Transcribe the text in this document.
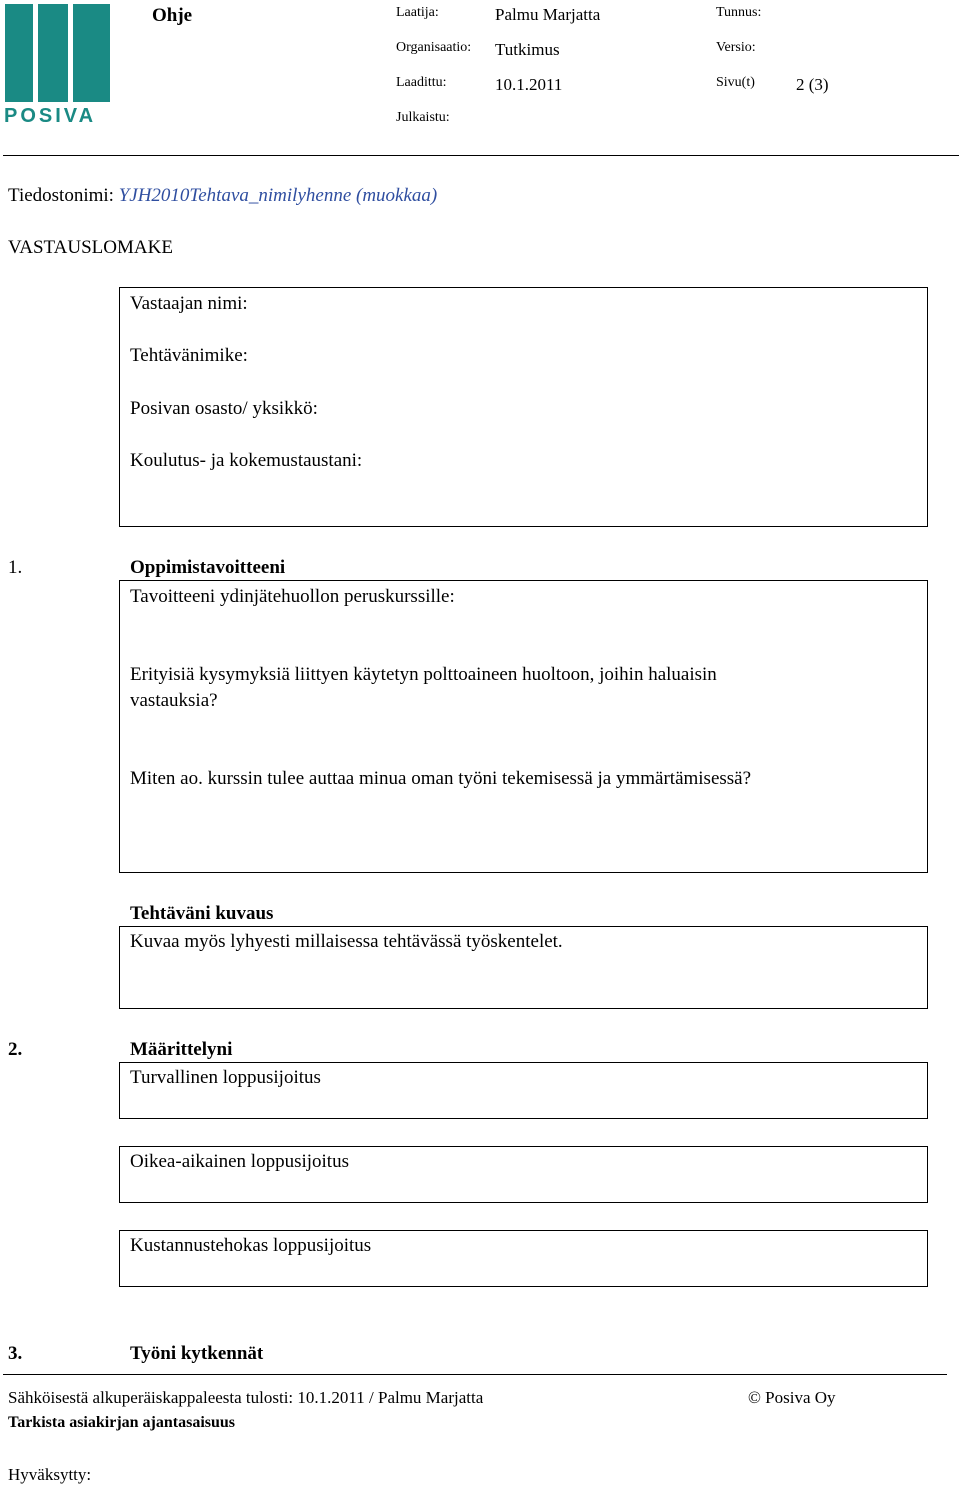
POSIVA
Ohje	Laatija:	Palmu Marjatta	Tunnus:
Organisaatio: Tutkimus	Versio:
Laadittu:	10.1.2011	Sivu(t) 2 (3)
Julkaistu:
Tiedostonimi: YJH2010Tehtava_nimilyhenne (muokkaa)
VASTAUSLOMAKE
Vastaajan nimi:
Tehtävänimike:
Posivan osasto/ yksikkö:
Koulutus- ja kokemustaustani:
1.	Oppimistavoitteeni
Tavoitteeni ydinjätehuollon peruskurssille:
Erityisiä kysymyksiä liittyen käytetyn polttoaineen huoltoon, joihin haluaisin
vastauksia?
Miten ao. kurssin tulee auttaa minua oman työni tekemisessä ja ymmärtämisessä?
Tehtäväni kuvaus
Kuvaa myös lyhyesti millaisessa tehtävässä työskentelet.
2.	Määrittelyni
Turvallinen loppusijoitus
Oikea-aikainen loppusijoitus
Kustannustehokas loppusijoitus
3.	Työni kytkennät
Sähköisestä alkuperäiskappaleesta tulosti: 10.1.2011 / Palmu Marjatta	© Posiva Oy
Tarkista asiakirjan ajantasaisuus
Hyväksytty:
